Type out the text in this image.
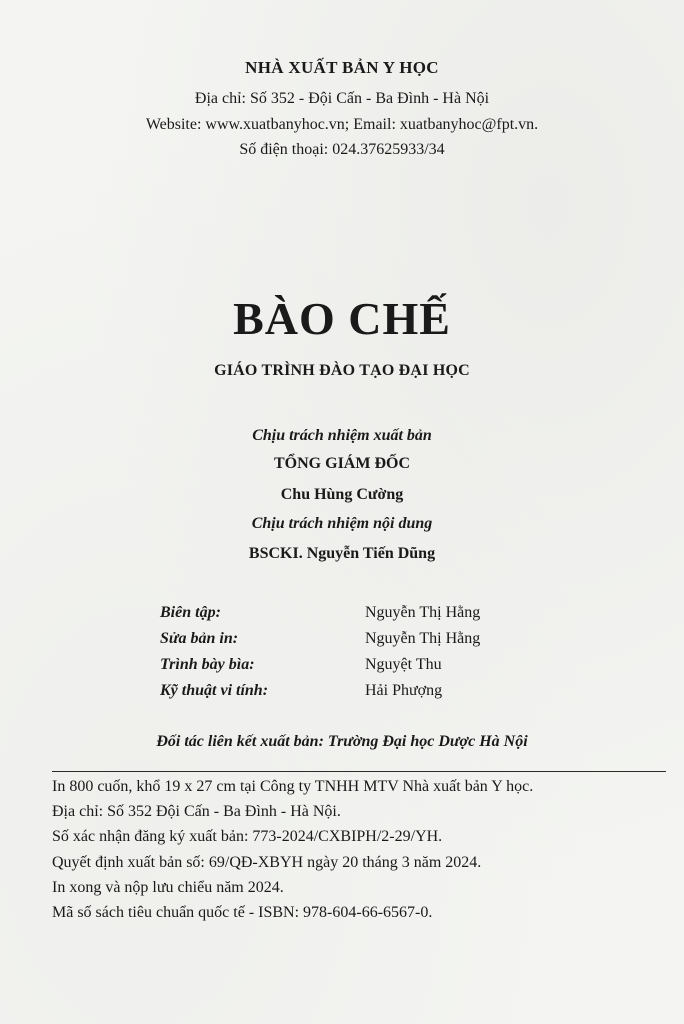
NHÀ XUẤT BẢN Y HỌC
Địa chỉ: Số 352 - Đội Cấn - Ba Đình - Hà Nội
Website: www.xuatbanyhoc.vn; Email: xuatbanyhoc@fpt.vn.
Số điện thoại: 024.37625933/34
BÀO CHẾ
GIÁO TRÌNH ĐÀO TẠO ĐẠI HỌC
Chịu trách nhiệm xuất bản
TỔNG GIÁM ĐỐC
Chu Hùng Cường
Chịu trách nhiệm nội dung
BSCKI. Nguyễn Tiến Dũng
Biên tập:	Nguyễn Thị Hằng
Sửa bản in:	Nguyễn Thị Hằng
Trình bày bìa:	Nguyệt Thu
Kỹ thuật vi tính:	Hải Phượng
Đối tác liên kết xuất bản: Trường Đại học Dược Hà Nội
In 800 cuốn, khổ 19 x 27 cm tại Công ty TNHH MTV Nhà xuất bản Y học.
Địa chỉ: Số 352 Đội Cấn - Ba Đình - Hà Nội.
Số xác nhận đăng ký xuất bản: 773-2024/CXBIPH/2-29/YH.
Quyết định xuất bản số: 69/QĐ-XBYH ngày 20 tháng 3 năm 2024.
In xong và nộp lưu chiểu năm 2024.
Mã số sách tiêu chuẩn quốc tế - ISBN: 978-604-66-6567-0.
